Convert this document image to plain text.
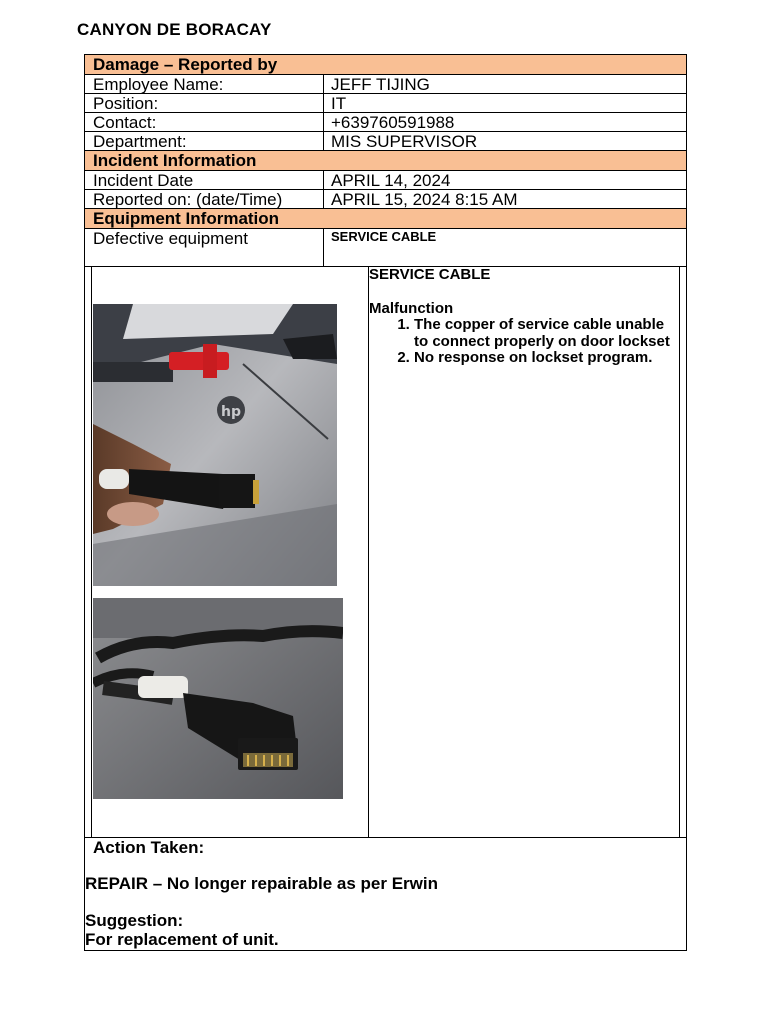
CANYON DE BORACAY
Damage – Reported by
Employee Name:	JEFF TIJING
Position:	IT
Contact:	+639760591988
Department:	MIS SUPERVISOR
Incident Information
Incident Date	APRIL 14, 2024
Reported on: (date/Time)	APRIL 15, 2024 8:15 AM
Equipment Information
Defective equipment	SERVICE CABLE
hp
SERVICE CABLE
Malfunction
1. The copper of service cable unable to connect properly on door lockset
2. No response on lockset program.
Action Taken:
REPAIR – No longer repairable as per Erwin
Suggestion:
For replacement of unit.
